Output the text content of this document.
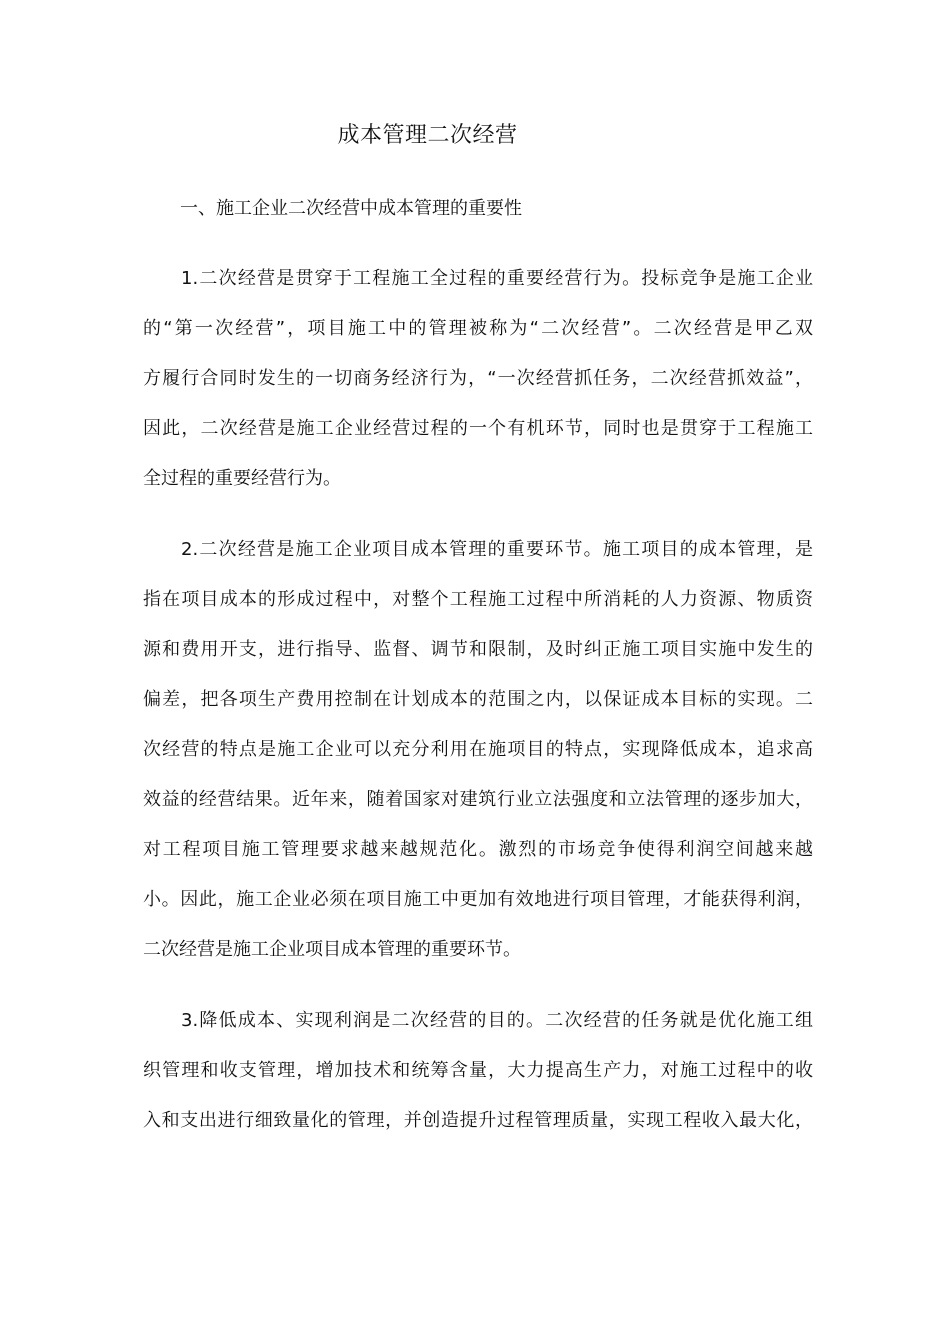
成本管理二次经营
一、施工企业二次经营中成本管理的重要性
1.二次经营是贯穿于工程施工全过程的重要经营行为。投标竞争是施工企业
的“第一次经营”，项目施工中的管理被称为“二次经营”。二次经营是甲乙双
方履行合同时发生的一切商务经济行为，“一次经营抓任务，二次经营抓效益”，
因此，二次经营是施工企业经营过程的一个有机环节，同时也是贯穿于工程施工
全过程的重要经营行为。
2.二次经营是施工企业项目成本管理的重要环节。施工项目的成本管理，是
指在项目成本的形成过程中，对整个工程施工过程中所消耗的人力资源、物质资
源和费用开支，进行指导、监督、调节和限制，及时纠正施工项目实施中发生的
偏差，把各项生产费用控制在计划成本的范围之内，以保证成本目标的实现。二
次经营的特点是施工企业可以充分利用在施项目的特点，实现降低成本，追求高
效益的经营结果。近年来，随着国家对建筑行业立法强度和立法管理的逐步加大，
对工程项目施工管理要求越来越规范化。激烈的市场竞争使得利润空间越来越
小。因此，施工企业必须在项目施工中更加有效地进行项目管理，才能获得利润，
二次经营是施工企业项目成本管理的重要环节。
3.降低成本、实现利润是二次经营的目的。二次经营的任务就是优化施工组
织管理和收支管理，增加技术和统筹含量，大力提高生产力，对施工过程中的收
入和支出进行细致量化的管理，并创造提升过程管理质量，实现工程收入最大化，
